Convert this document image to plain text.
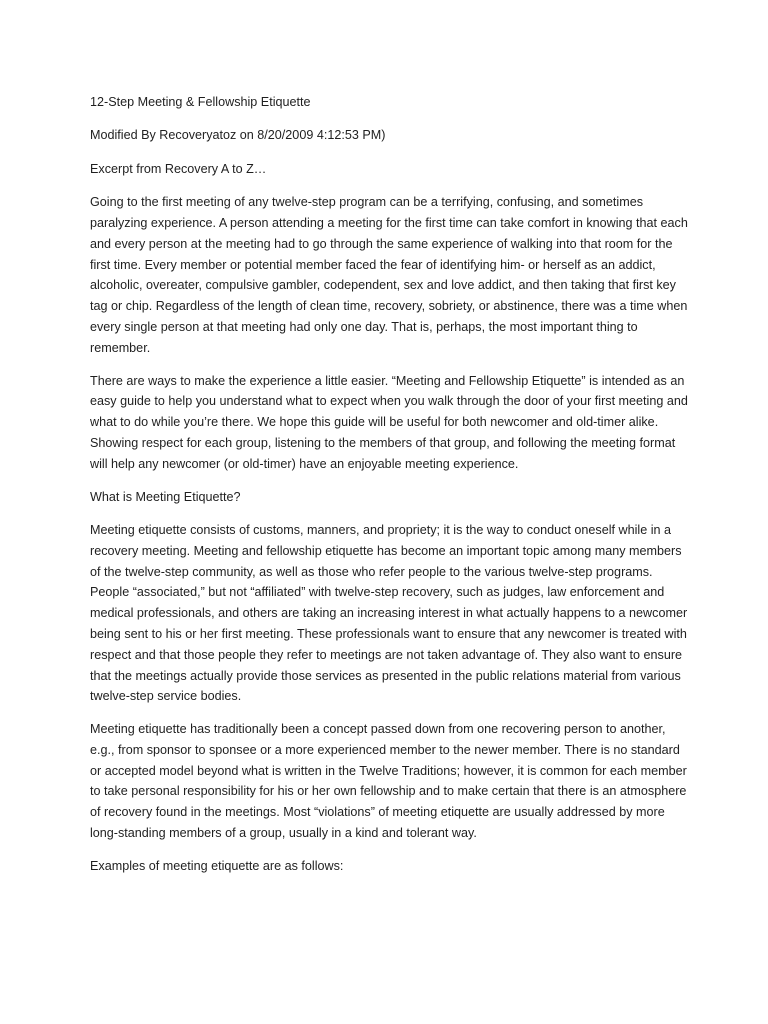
12-Step Meeting & Fellowship Etiquette

Modified By Recoveryatoz on 8/20/2009 4:12:53 PM)

Excerpt from Recovery A to Z…

Going to the first meeting of any twelve-step program can be a terrifying, confusing, and sometimes paralyzing experience. A person attending a meeting for the first time can take comfort in knowing that each and every person at the meeting had to go through the same experience of walking into that room for the first time. Every member or potential member faced the fear of identifying him- or herself as an addict, alcoholic, overeater, compulsive gambler, codependent, sex and love addict, and then taking that first key tag or chip. Regardless of the length of clean time, recovery, sobriety, or abstinence, there was a time when every single person at that meeting had only one day. That is, perhaps, the most important thing to remember.

There are ways to make the experience a little easier. “Meeting and Fellowship Etiquette” is intended as an easy guide to help you understand what to expect when you walk through the door of your first meeting and what to do while you’re there. We hope this guide will be useful for both newcomer and old-timer alike. Showing respect for each group, listening to the members of that group, and following the meeting format will help any newcomer (or old-timer) have an enjoyable meeting experience.

What is Meeting Etiquette?

Meeting etiquette consists of customs, manners, and propriety; it is the way to conduct oneself while in a recovery meeting. Meeting and fellowship etiquette has become an important topic among many members of the twelve-step community, as well as those who refer people to the various twelve-step programs. People “associated,” but not “affiliated” with twelve-step recovery, such as judges, law enforcement and medical professionals, and others are taking an increasing interest in what actually happens to a newcomer being sent to his or her first meeting. These professionals want to ensure that any newcomer is treated with respect and that those people they refer to meetings are not taken advantage of. They also want to ensure that the meetings actually provide those services as presented in the public relations material from various twelve-step service bodies.

Meeting etiquette has traditionally been a concept passed down from one recovering person to another, e.g., from sponsor to sponsee or a more experienced member to the newer member. There is no standard or accepted model beyond what is written in the Twelve Traditions; however, it is common for each member to take personal responsibility for his or her own fellowship and to make certain that there is an atmosphere of recovery found in the meetings. Most “violations” of meeting etiquette are usually addressed by more long-standing members of a group, usually in a kind and tolerant way.

Examples of meeting etiquette are as follows:
